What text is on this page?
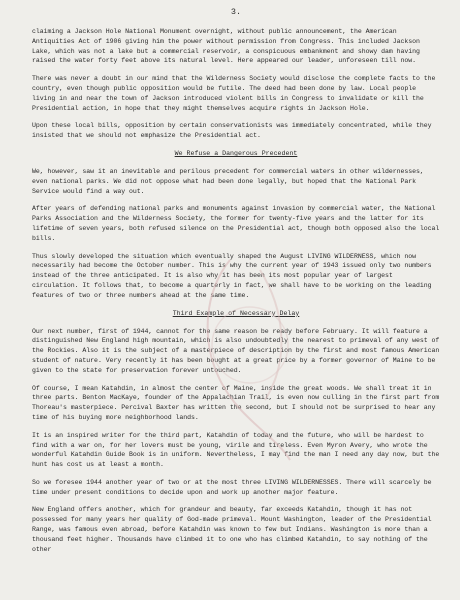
3.

claiming a Jackson Hole National Monument overnight, without public announcement, the American Antiquities Act of 1906 giving him the power without permission from Congress. This included Jackson Lake, which was not a lake but a commercial reservoir, a conspicuous embankment and showy dam having raised the water forty feet above its natural level. Here appeared our leader, unforeseen till now.

There was never a doubt in our mind that the Wilderness Society would disclose the complete facts to the country, even though public opposition would be futile. The deed had been done by law. Local people living in and near the town of Jackson introduced violent bills in Congress to invalidate or kill the Presidential action, in hope that they might themselves acquire rights in Jackson Hole.

Upon these local bills, opposition by certain conservationists was immediately concentrated, while they insisted that we should not emphasize the Presidential act.

We Refuse a Dangerous Precedent

We, however, saw it an inevitable and perilous precedent for commercial waters in other wildernesses, even national parks. We did not oppose what had been done legally, but hoped that the National Park Service would find a way out.

After years of defending national parks and monuments against invasion by commercial water, the National Parks Association and the Wilderness Society, the former for twenty-five years and the latter for its lifetime of seven years, both refused silence on the Presidential act, though both opposed also the local bills.

Thus slowly developed the situation which eventually shaped the August LIVING WILDERNESS, which now necessarily had become the October number. This is why the current year of 1943 issued only two numbers instead of the three anticipated. It is also why it has been its most popular year of largest circulation. It follows that, to become a quarterly in fact, we shall have to be working on the leading features of two or three numbers ahead at the same time.

Third Example of Necessary Delay

Our next number, first of 1944, cannot for the same reason be ready before February. It will feature a distinguished New England high mountain, which is also undoubtedly the nearest to primeval of any west of the Rockies. Also it is the subject of a masterpiece of description by the first and most famous American student of nature. Very recently it has been bought at a great price by a former governor of Maine to be given to the state for preservation forever untouched.

Of course, I mean Katahdin, in almost the center of Maine, inside the great woods. We shall treat it in three parts. Benton MacKaye, founder of the Appalachian Trail, is even now culling in the first part from Thoreau's masterpiece. Percival Baxter has written the second, but I should not be surprised to hear any time of his buying more neighborhood lands.

It is an inspired writer for the third part, Katahdin of today and the future, who will be hardest to find with a war on, for her lovers must be young, virile and tireless. Even Myron Avery, who wrote the wonderful Katahdin Guide Book is in uniform. Nevertheless, I may find the man I need any day now, but the hunt has cost us at least a month.

So we foresee 1944 another year of two or at the most three LIVING WILDERNESSES. There will scarcely be time under present conditions to decide upon and work up another major feature.

New England offers another, which for grandeur and beauty, far exceeds Katahdin, though it has not possessed for many years her quality of God-made primeval. Mount Washington, leader of the Presidential Range, was famous even abroad, before Katahdin was known to few but Indians. Washington is more than a thousand feet higher. Thousands have climbed it to one who has climbed Katahdin, to say nothing of the other
